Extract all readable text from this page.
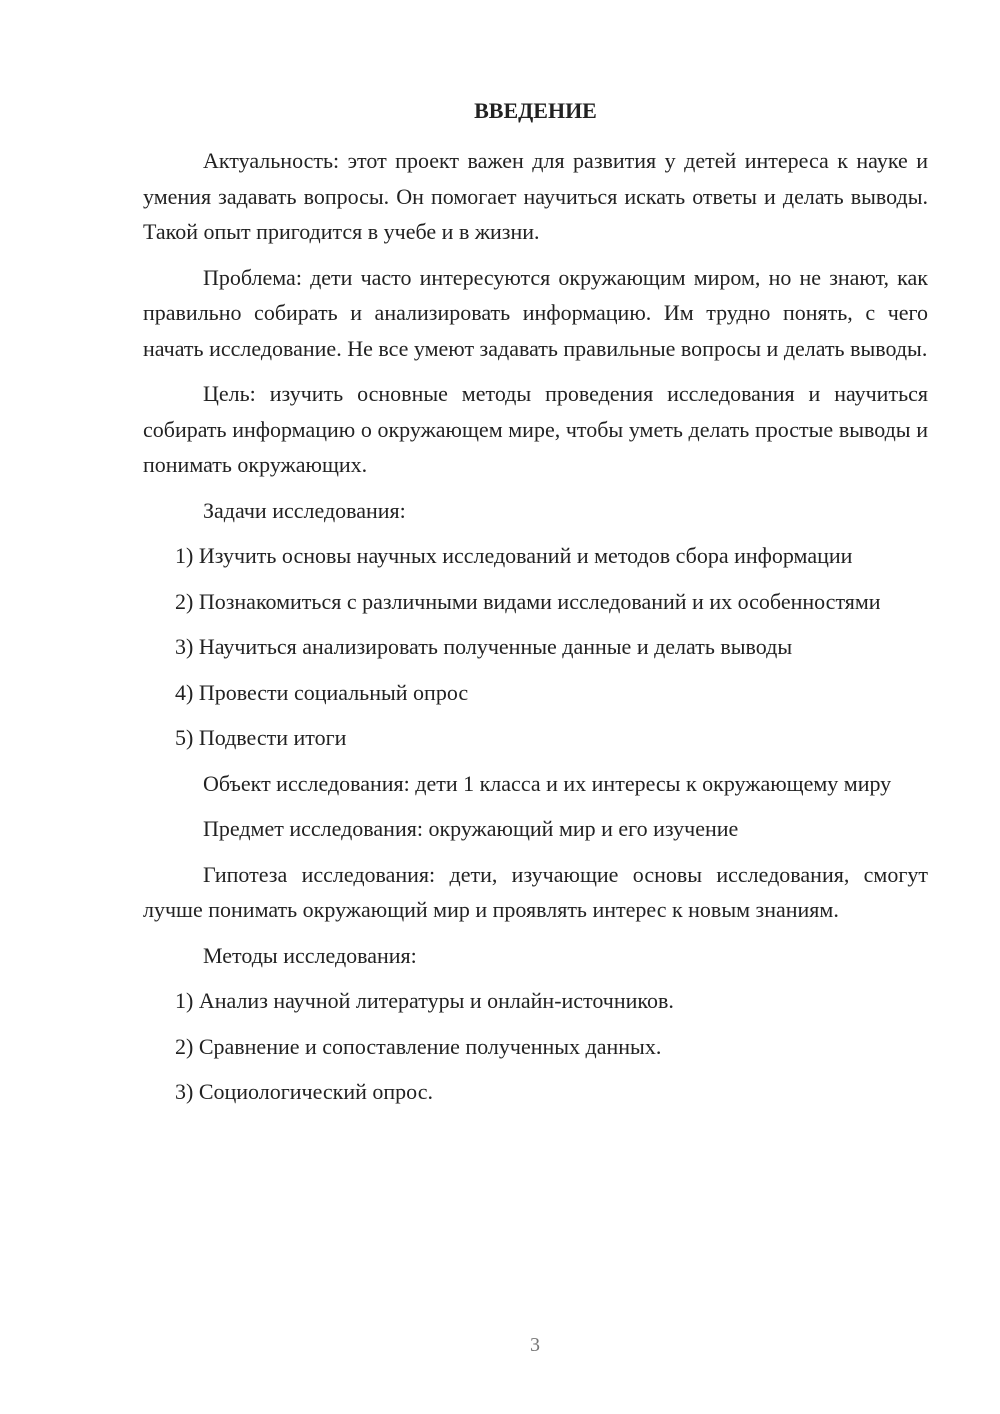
ВВЕДЕНИЕ
Актуальность: этот проект важен для развития у детей интереса к науке и умения задавать вопросы. Он помогает научиться искать ответы и делать выводы. Такой опыт пригодится в учебе и в жизни.
Проблема: дети часто интересуются окружающим миром, но не знают, как правильно собирать и анализировать информацию. Им трудно понять, с чего начать исследование. Не все умеют задавать правильные вопросы и делать выводы.
Цель: изучить основные методы проведения исследования и научиться собирать информацию о окружающем мире, чтобы уметь делать простые выводы и понимать окружающих.
Задачи исследования:
1) Изучить основы научных исследований и методов сбора информации
2) Познакомиться с различными видами исследований и их особенностями
3) Научиться анализировать полученные данные и делать выводы
4) Провести социальный опрос
5) Подвести итоги
Объект исследования: дети 1 класса и их интересы к окружающему миру
Предмет исследования: окружающий мир и его изучение
Гипотеза исследования: дети, изучающие основы исследования, смогут лучше понимать окружающий мир и проявлять интерес к новым знаниям.
Методы исследования:
1) Анализ научной литературы и онлайн-источников.
2) Сравнение и сопоставление полученных данных.
3) Социологический опрос.
3
